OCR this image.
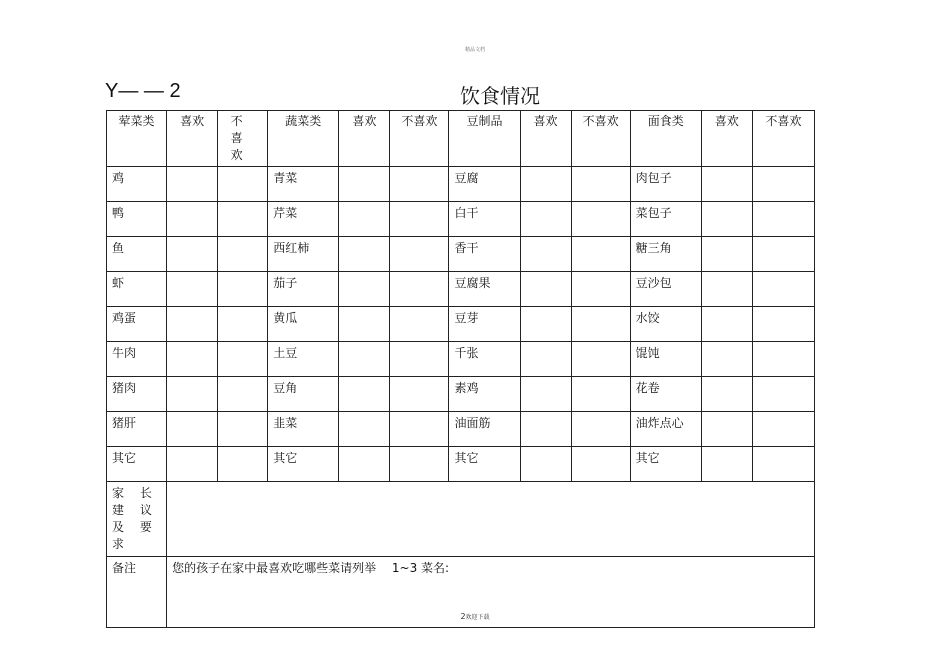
精品文档
Y— — 2	饮食情况
荤菜类	喜欢	不 喜 欢	蔬菜类	喜欢	不喜欢	豆制品	喜欢	不喜欢	面食类	喜欢	不喜欢
鸡			青菜			豆腐			肉包子		
鸭			芹菜			白干			菜包子		
鱼			西红柿			香干			糖三角		
虾			茄子			豆腐果			豆沙包		
鸡蛋			黄瓜			豆芽			水饺		
牛肉			土豆			千张			馄饨		
猪肉			豆角			素鸡			花卷		
猪肝			韭菜			油面筋			油炸点心		
其它			其它			其它			其它		
家 长 建 议 及 要 求											
备注	您的孩子在家中最喜欢吃哪些菜请列举　 1~3 菜名:										
2欢迎下载
